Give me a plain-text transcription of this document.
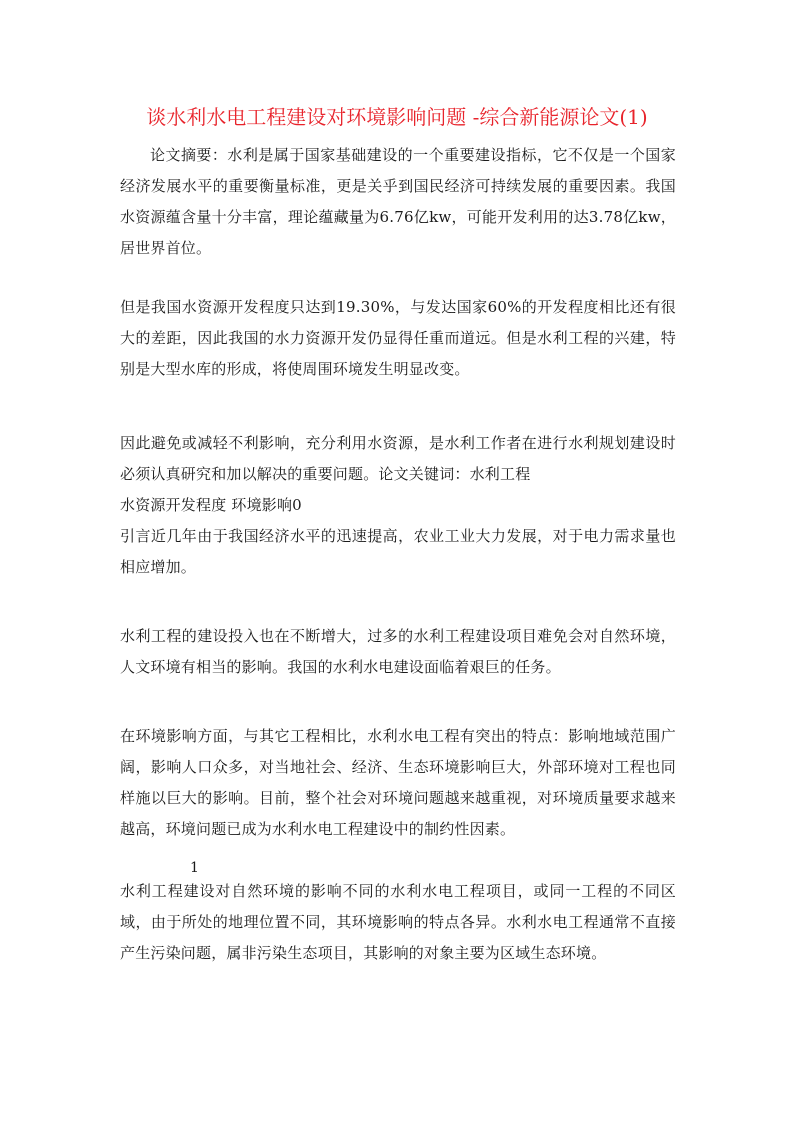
谈水利水电工程建设对环境影响问题 -综合新能源论文(1)

论文摘要：水利是属于国家基础建设的一个重要建设指标，它不仅是一个国家经济发展水平的重要衡量标准，更是关乎到国民经济可持续发展的重要因素。我国水资源蕴含量十分丰富，理论蕴藏量为6.76亿kw，可能开发利用的达3.78亿kw，居世界首位。

但是我国水资源开发程度只达到19.30%，与发达国家60%的开发程度相比还有很大的差距，因此我国的水力资源开发仍显得任重而道远。但是水利工程的兴建，特别是大型水库的形成，将使周围环境发生明显改变。

因此避免或减轻不利影响，充分利用水资源，是水利工作者在进行水利规划建设时必须认真研究和加以解决的重要问题。论文关键词：水利工程

水资源开发程度 环境影响0

引言近几年由于我国经济水平的迅速提高，农业工业大力发展，对于电力需求量也相应增加。

水利工程的建设投入也在不断增大，过多的水利工程建设项目难免会对自然环境，人文环境有相当的影响。我国的水利水电建设面临着艰巨的任务。

在环境影响方面，与其它工程相比，水利水电工程有突出的特点：影响地域范围广阔，影响人口众多，对当地社会、经济、生态环境影响巨大，外部环境对工程也同样施以巨大的影响。目前，整个社会对环境问题越来越重视，对环境质量要求越来越高，环境问题已成为水利水电工程建设中的制约性因素。

1

水利工程建设对自然环境的影响不同的水利水电工程项目，或同一工程的不同区域，由于所处的地理位置不同，其环境影响的特点各异。水利水电工程通常不直接产生污染问题，属非污染生态项目，其影响的对象主要为区域生态环境。
